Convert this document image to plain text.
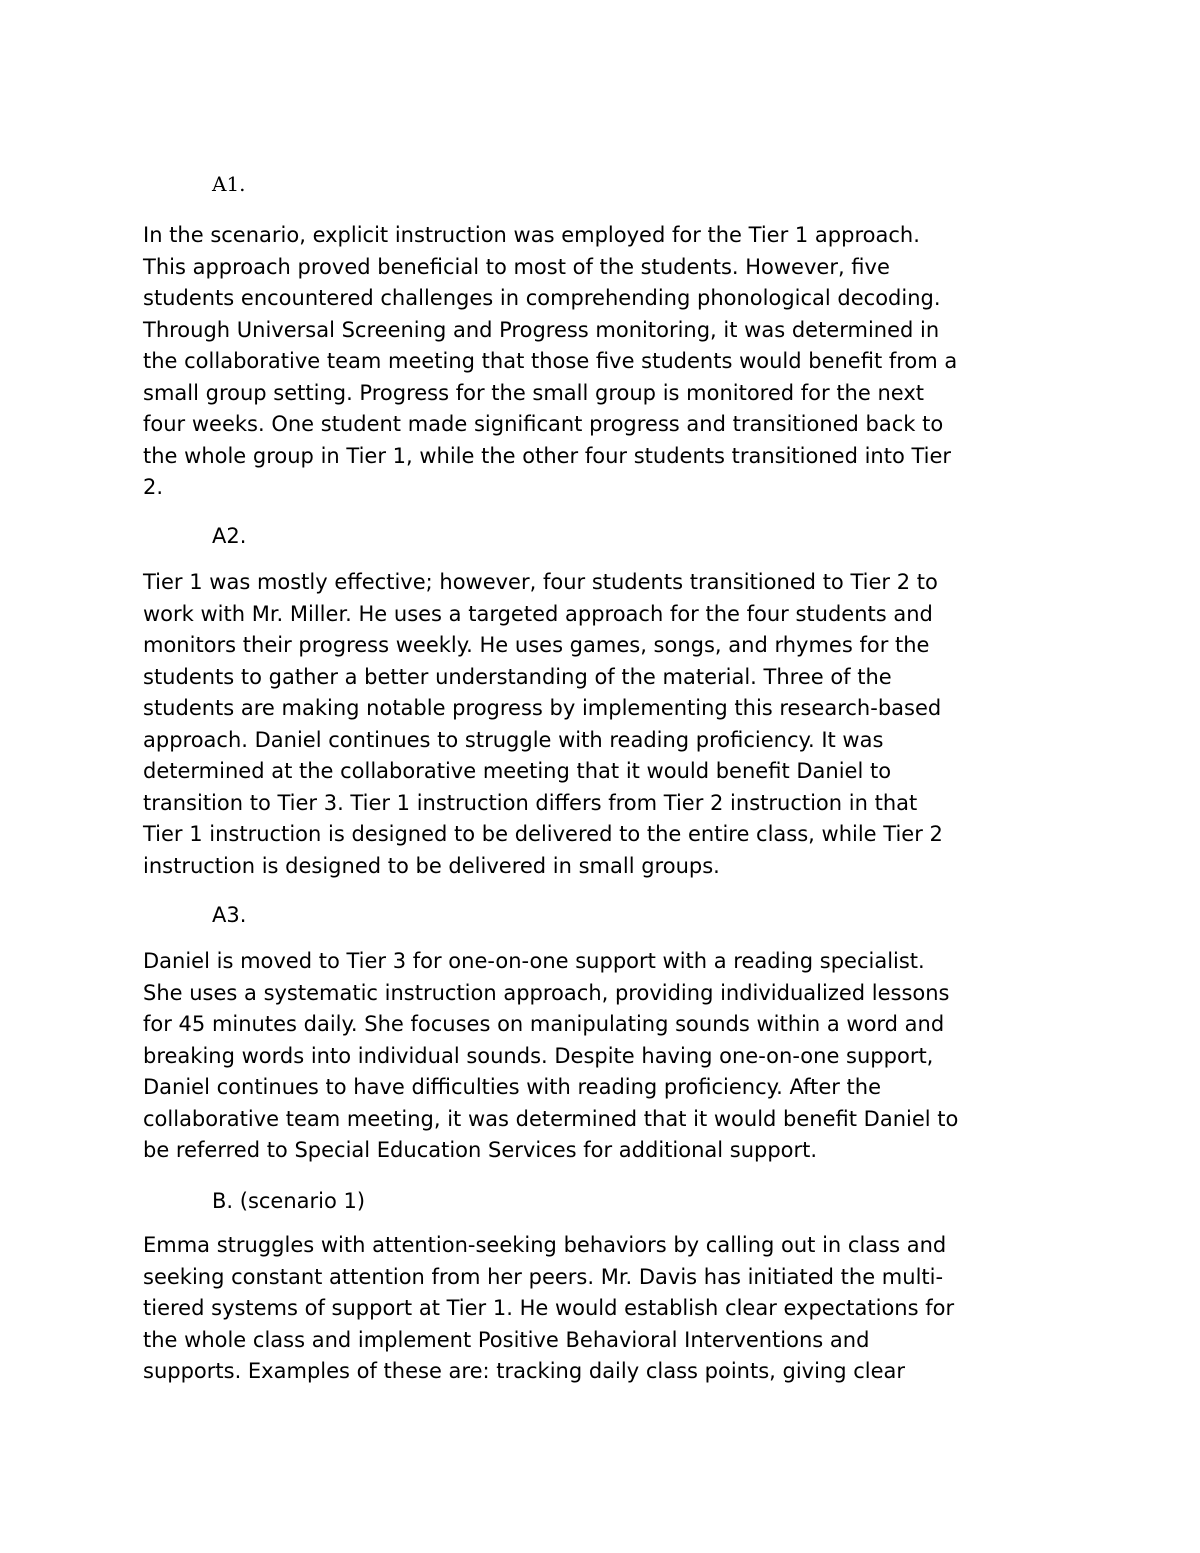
A1.
In the scenario, explicit instruction was employed for the Tier 1 approach.
This approach proved beneficial to most of the students. However, five
students encountered challenges in comprehending phonological decoding.
Through Universal Screening and Progress monitoring, it was determined in
the collaborative team meeting that those five students would benefit from a
small group setting. Progress for the small group is monitored for the next
four weeks. One student made significant progress and transitioned back to
the whole group in Tier 1, while the other four students transitioned into Tier
2.
A2.
Tier 1 was mostly effective; however, four students transitioned to Tier 2 to
work with Mr. Miller. He uses a targeted approach for the four students and
monitors their progress weekly. He uses games, songs, and rhymes for the
students to gather a better understanding of the material. Three of the
students are making notable progress by implementing this research-based
approach. Daniel continues to struggle with reading proficiency. It was
determined at the collaborative meeting that it would benefit Daniel to
transition to Tier 3. Tier 1 instruction differs from Tier 2 instruction in that
Tier 1 instruction is designed to be delivered to the entire class, while Tier 2
instruction is designed to be delivered in small groups.
A3.
Daniel is moved to Tier 3 for one-on-one support with a reading specialist.
She uses a systematic instruction approach, providing individualized lessons
for 45 minutes daily. She focuses on manipulating sounds within a word and
breaking words into individual sounds. Despite having one-on-one support,
Daniel continues to have difficulties with reading proficiency. After the
collaborative team meeting, it was determined that it would benefit Daniel to
be referred to Special Education Services for additional support.
B. (scenario 1)
Emma struggles with attention-seeking behaviors by calling out in class and
seeking constant attention from her peers. Mr. Davis has initiated the multi-
tiered systems of support at Tier 1. He would establish clear expectations for
the whole class and implement Positive Behavioral Interventions and
supports. Examples of these are: tracking daily class points, giving clear
